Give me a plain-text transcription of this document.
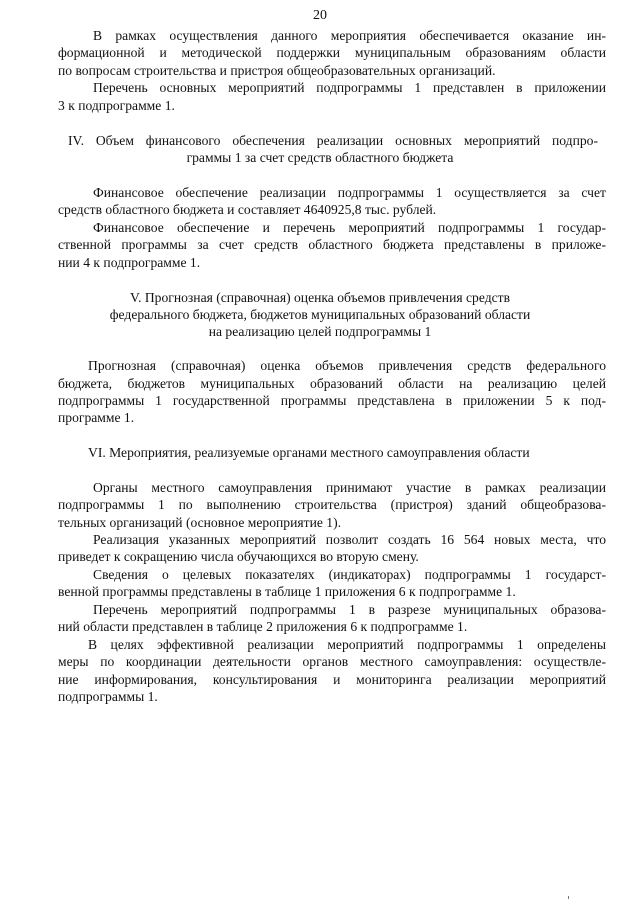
20
В рамках осуществления данного мероприятия обеспечивается оказание ин-
формационной и методической поддержки муниципальным образованиям области
по вопросам строительства и пристроя общеобразовательных организаций.
Перечень основных мероприятий подпрограммы 1 представлен в приложении
3 к подпрограмме 1.
IV. Объем финансового обеспечения реализации основных мероприятий подпро-
граммы 1 за счет средств областного бюджета
Финансовое обеспечение реализации подпрограммы 1 осуществляется за счет
средств областного бюджета и составляет 4640925,8 тыс. рублей.
Финансовое обеспечение и перечень мероприятий подпрограммы 1 государ-
ственной программы за счет средств областного бюджета представлены в приложе-
нии 4 к подпрограмме 1.
V. Прогнозная (справочная) оценка объемов привлечения средств
федерального бюджета, бюджетов муниципальных образований области
на реализацию целей подпрограммы 1
Прогнозная (справочная) оценка объемов привлечения средств федерального
бюджета, бюджетов муниципальных образований области на реализацию целей
подпрограммы 1 государственной программы представлена в приложении 5 к под-
программе 1.
VI. Мероприятия, реализуемые органами местного самоуправления области
Органы местного самоуправления принимают участие в рамках реализации
подпрограммы 1 по выполнению строительства (пристроя) зданий общеобразова-
тельных организаций (основное мероприятие 1).
Реализация указанных мероприятий позволит создать 16 564 новых места, что
приведет к сокращению числа обучающихся во вторую смену.
Сведения о целевых показателях (индикаторах) подпрограммы 1 государст-
венной программы представлены в таблице 1 приложения 6 к подпрограмме 1.
Перечень мероприятий подпрограммы 1 в разрезе муниципальных образова-
ний области представлен в таблице 2 приложения 6 к подпрограмме 1.
В целях эффективной реализации мероприятий подпрограммы 1 определены
меры по координации деятельности органов местного самоуправления: осуществле-
ние информирования, консультирования и мониторинга реализации мероприятий
подпрограммы 1.
